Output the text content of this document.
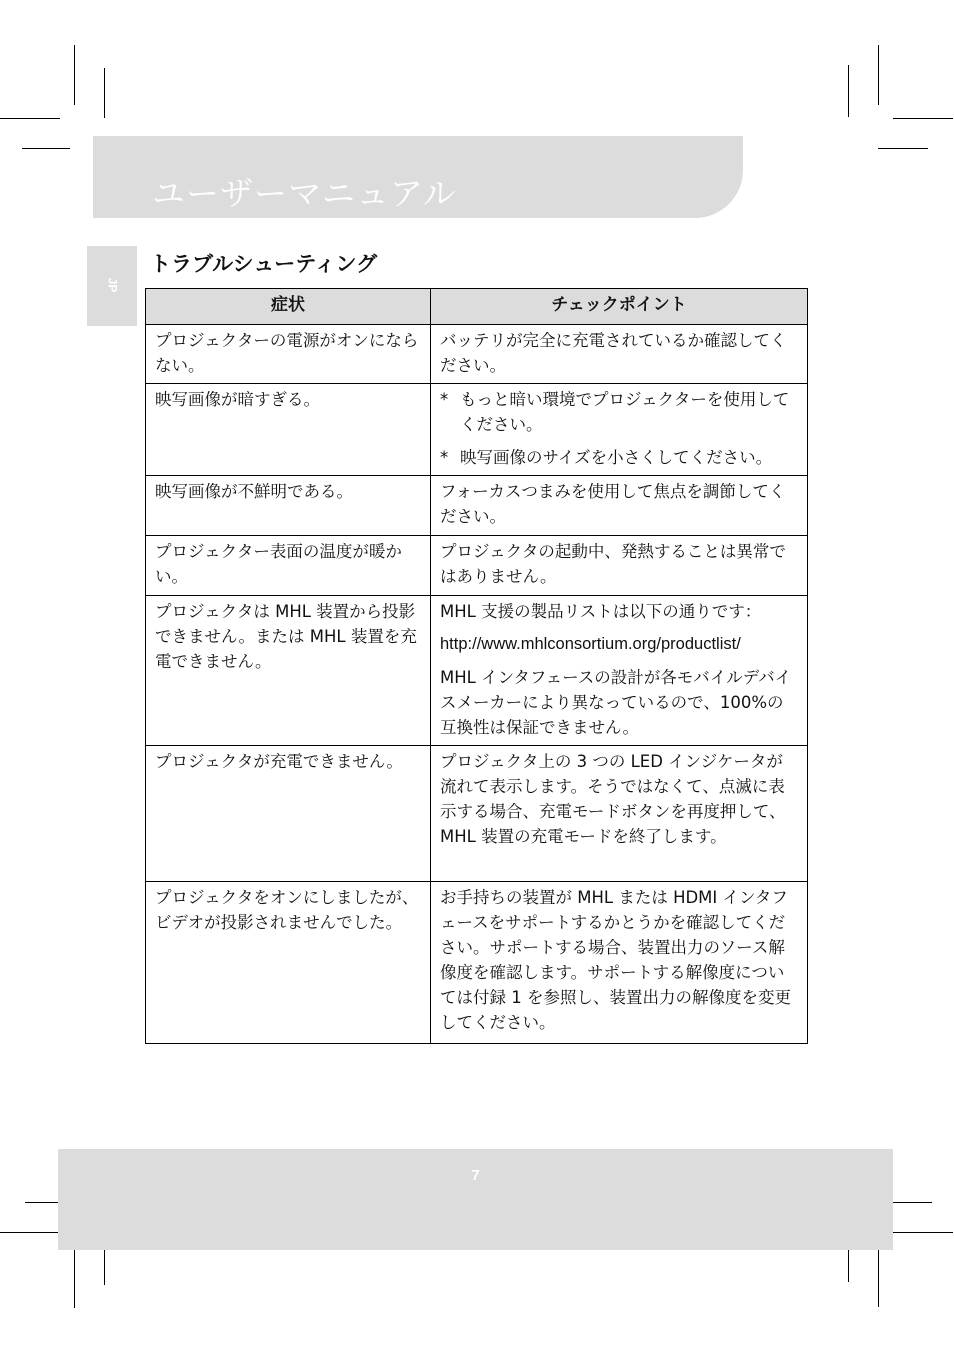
ユーザーマニュアル
JP
トラブルシューティング
症状	チェックポイント
プロジェクターの電源がオンにならない。	バッテリが完全に充電されているか確認してください。

映写画像が暗すぎる。	* もっと暗い環境でプロジェクターを使用してください。
* 映写画像のサイズを小さくしてください。

映写画像が不鮮明である。	フォーカスつまみを使用して焦点を調節してください。

プロジェクター表面の温度が暖かい。	プロジェクタの起動中、発熱することは異常ではありません。

プロジェクタは MHL 装置から投影できません。または MHL 装置を充電できません。	MHL 支援の製品リストは以下の通りです：

http://www.mhlconsortium.org/productlist/

MHL インタフェースの設計が各モバイルデバイスメーカーにより異なっているので、100%の互換性は保証できません。

プロジェクタが充電できません。	プロジェクタ上の 3 つの LED インジケータが流れて表示します。そうではなくて、点滅に表示する場合、充電モードボタンを再度押して、MHL 装置の充電モードを終了します。

プロジェクタをオンにしましたが、ビデオが投影されませんでした。	お手持ちの装置が MHL または HDMI インタフェースをサポートするかとうかを確認してください。サポートする場合、装置出力のソース解像度を確認します。サポートする解像度については付録 1 を参照し、装置出力の解像度を変更してください。

7
